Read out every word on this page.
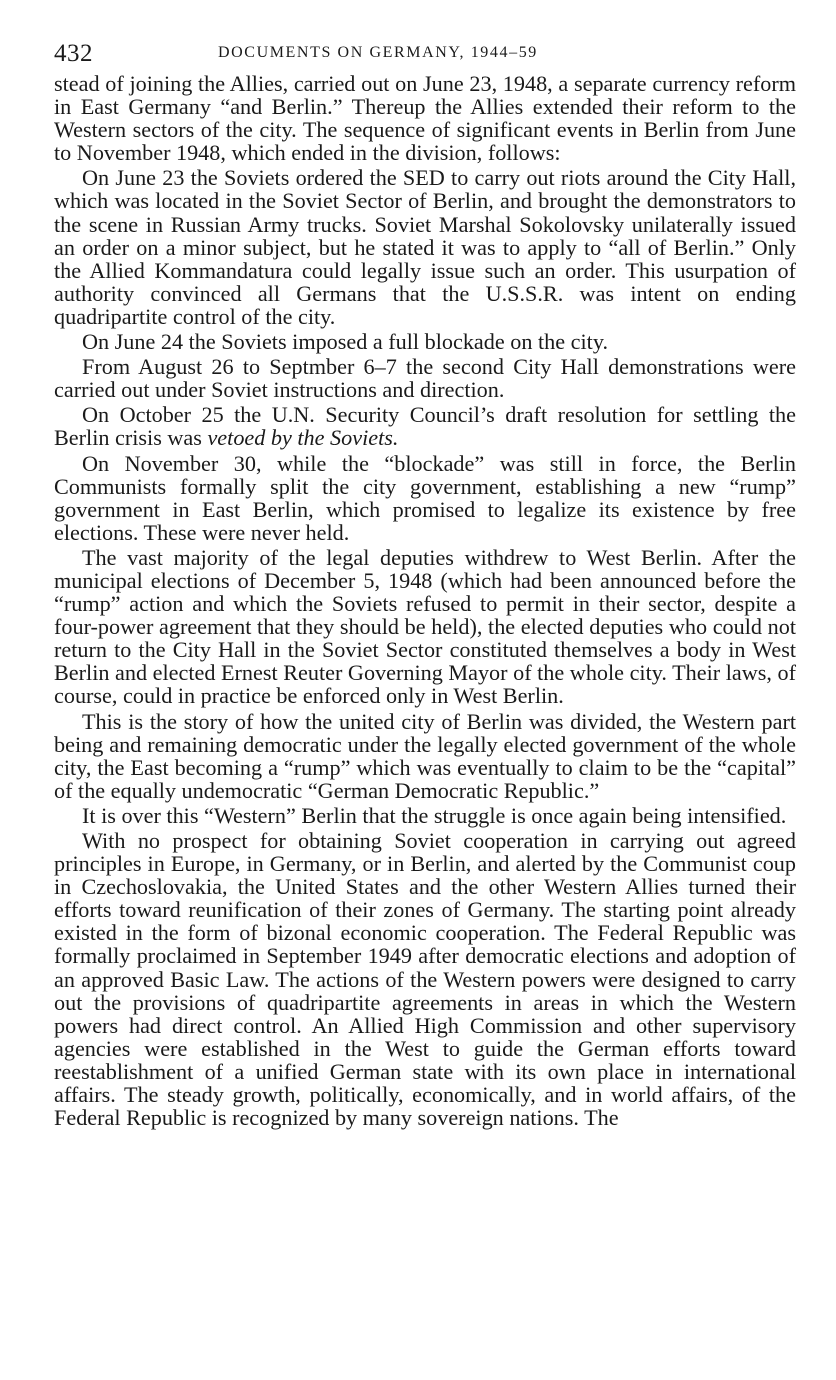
432	DOCUMENTS ON GERMANY, 1944–59

stead of joining the Allies, carried out on June 23, 1948, a separate currency reform in East Germany “and Berlin.” Thereup the Allies extended their reform to the Western sectors of the city. The sequence of significant events in Berlin from June to November 1948, which ended in the division, follows:

On June 23 the Soviets ordered the SED to carry out riots around the City Hall, which was located in the Soviet Sector of Berlin, and brought the demonstrators to the scene in Russian Army trucks. Soviet Marshal Sokolovsky unilaterally issued an order on a minor subject, but he stated it was to apply to “all of Berlin.” Only the Allied Kommandatura could legally issue such an order. This usurpation of authority convinced all Germans that the U.S.S.R. was intent on ending quadripartite control of the city.

On June 24 the Soviets imposed a full blockade on the city.

From August 26 to Septmber 6–7 the second City Hall demonstrations were carried out under Soviet instructions and direction.

On October 25 the U.N. Security Council’s draft resolution for settling the Berlin crisis was vetoed by the Soviets.

On November 30, while the “blockade” was still in force, the Berlin Communists formally split the city government, establishing a new “rump” government in East Berlin, which promised to legalize its existence by free elections. These were never held.

The vast majority of the legal deputies withdrew to West Berlin. After the municipal elections of December 5, 1948 (which had been announced before the “rump” action and which the Soviets refused to permit in their sector, despite a four-power agreement that they should be held), the elected deputies who could not return to the City Hall in the Soviet Sector constituted themselves a body in West Berlin and elected Ernest Reuter Governing Mayor of the whole city. Their laws, of course, could in practice be enforced only in West Berlin.

This is the story of how the united city of Berlin was divided, the Western part being and remaining democratic under the legally elected government of the whole city, the East becoming a “rump” which was eventually to claim to be the “capital” of the equally undemocratic “German Democratic Republic.”

It is over this “Western” Berlin that the struggle is once again being intensified.

With no prospect for obtaining Soviet cooperation in carrying out agreed principles in Europe, in Germany, or in Berlin, and alerted by the Communist coup in Czechoslovakia, the United States and the other Western Allies turned their efforts toward reunification of their zones of Germany. The starting point already existed in the form of bizonal economic cooperation. The Federal Republic was formally proclaimed in September 1949 after democratic elections and adoption of an approved Basic Law. The actions of the Western powers were designed to carry out the provisions of quadripartite agreements in areas in which the Western powers had direct control. An Allied High Commission and other supervisory agencies were established in the West to guide the German efforts toward reestablishment of a unified German state with its own place in international affairs. The steady growth, politically, economically, and in world affairs, of the Federal Republic is recognized by many sovereign nations. The
